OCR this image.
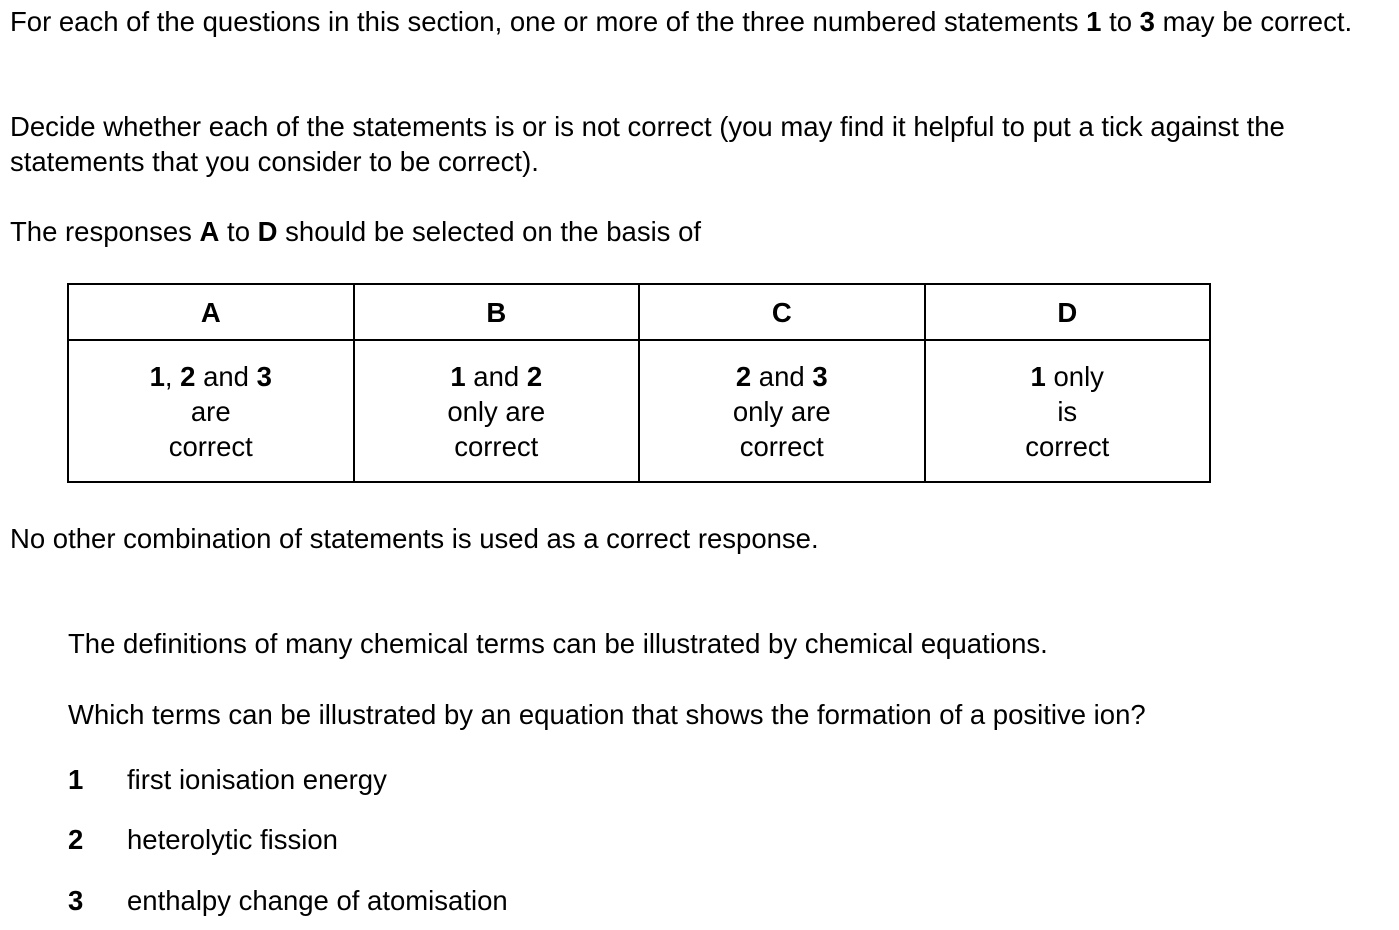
For each of the questions in this section, one or more of the three numbered statements 1 to 3 may be correct.

Decide whether each of the statements is or is not correct (you may find it helpful to put a tick against the statements that you consider to be correct).

The responses A to D should be selected on the basis of

A	B	C	D

1, 2 and 3
are
correct	1 and 2
only are
correct	2 and 3
only are
correct	1 only
is
correct

No other combination of statements is used as a correct response.

The definitions of many chemical terms can be illustrated by chemical equations.
Which terms can be illustrated by an equation that shows the formation of a positive ion?
1 first ionisation energy
2 heterolytic fission
3 enthalpy change of atomisation
